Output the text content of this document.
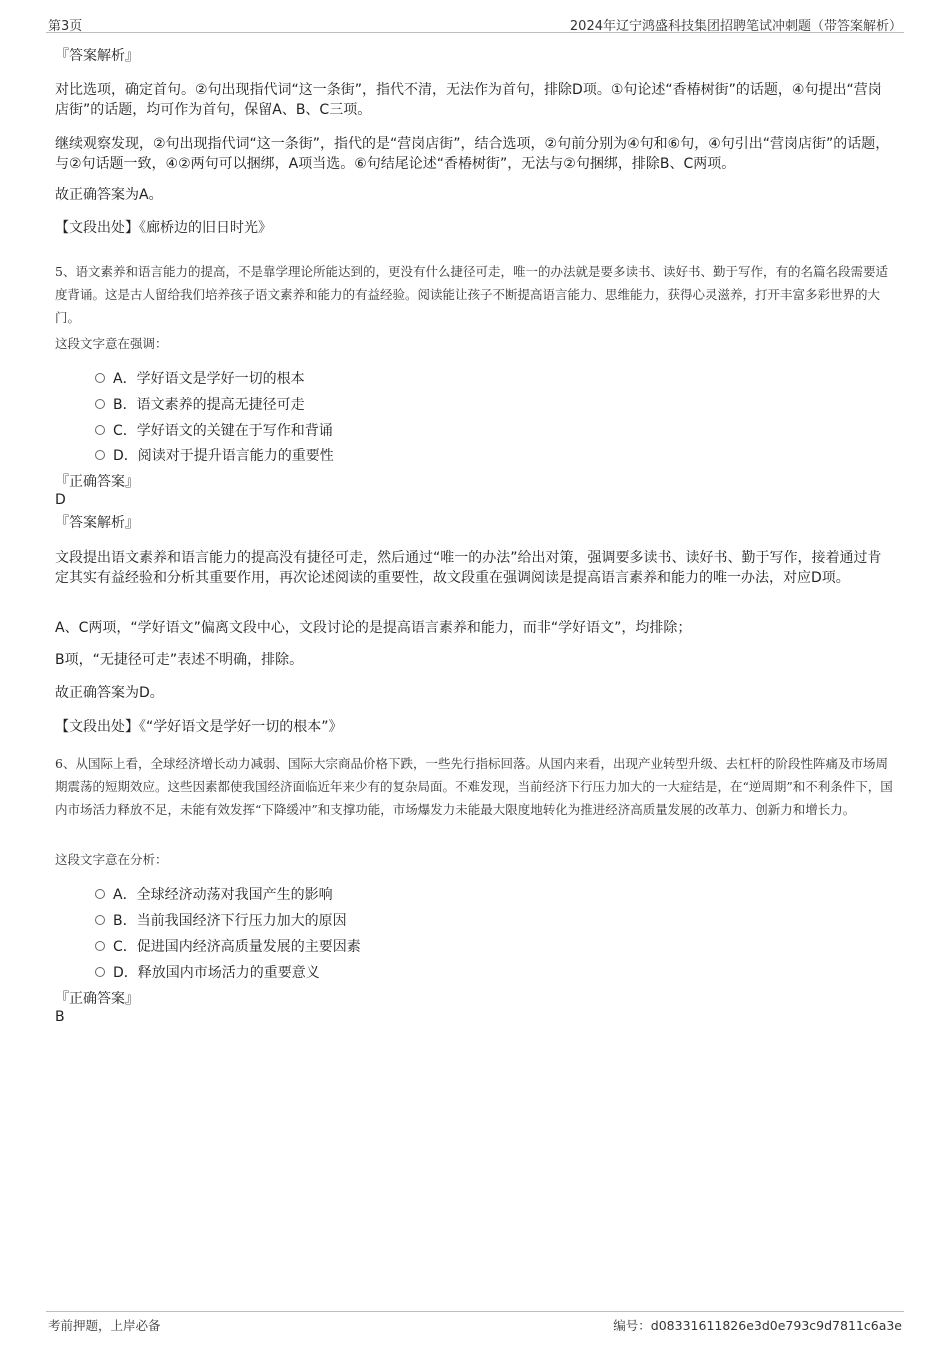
第3页	2024年辽宁鸿盛科技集团招聘笔试冲刺题（带答案解析）

『答案解析』

对比选项，确定首句。②句出现指代词“这一条街”，指代不清，无法作为首句，排除D项。①句论述“香椿树街”的话题，④句提出“营岗店街”的话题，均可作为首句，保留A、B、C三项。

继续观察发现，②句出现指代词“这一条街”，指代的是“营岗店街”，结合选项，②句前分别为④句和⑥句，④句引出“营岗店街”的话题，与②句话题一致，④②两句可以捆绑，A项当选。⑥句结尾论述“香椿树街”，无法与②句捆绑，排除B、C两项。

故正确答案为A。

【文段出处】《廊桥边的旧日时光》

5、语文素养和语言能力的提高，不是靠学理论所能达到的，更没有什么捷径可走，唯一的办法就是要多读书、读好书、勤于写作，有的名篇名段需要适度背诵。这是古人留给我们培养孩子语文素养和能力的有益经验。阅读能让孩子不断提高语言能力、思维能力，获得心灵滋养，打开丰富多彩世界的大门。

这段文字意在强调：
A．学好语文是学好一切的根本
B．语文素养的提高无捷径可走
C．学好语文的关键在于写作和背诵
D．阅读对于提升语言能力的重要性

『正确答案』

D

『答案解析』

文段提出语文素养和语言能力的提高没有捷径可走，然后通过“唯一的办法”给出对策，强调要多读书、读好书、勤于写作，接着通过肯定其实有益经验和分析其重要作用，再次论述阅读的重要性，故文段重在强调阅读是提高语言素养和能力的唯一办法，对应D项。

A、C两项，“学好语文”偏离文段中心，文段讨论的是提高语言素养和能力，而非“学好语文”，均排除；

B项，“无捷径可走”表述不明确，排除。

故正确答案为D。

【文段出处】《“学好语文是学好一切的根本”》

6、从国际上看，全球经济增长动力减弱、国际大宗商品价格下跌，一些先行指标回落。从国内来看，出现产业转型升级、去杠杆的阶段性阵痛及市场周期震荡的短期效应。这些因素都使我国经济面临近年来少有的复杂局面。不难发现，当前经济下行压力加大的一大症结是，在“逆周期”和不利条件下，国内市场活力释放不足，未能有效发挥“下降缓冲”和支撑功能，市场爆发力未能最大限度地转化为推进经济高质量发展的改革力、创新力和增长力。

这段文字意在分析：
A．全球经济动荡对我国产生的影响
B．当前我国经济下行压力加大的原因
C．促进国内经济高质量发展的主要因素
D．释放国内市场活力的重要意义

『正确答案』

B

考前押题，上岸必备	编号：d08331611826e3d0e793c9d7811c6a3e
